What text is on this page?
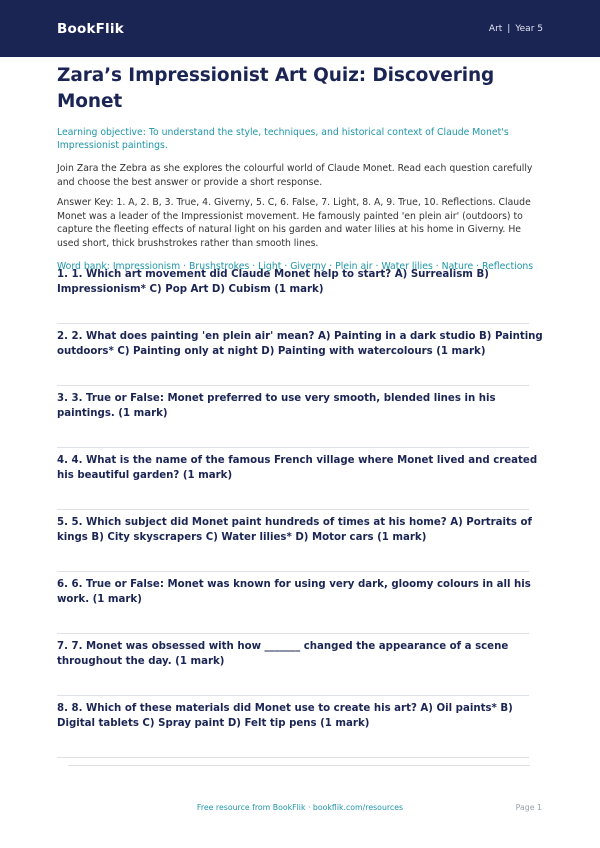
BookFlik	Art | Year 5
Zara’s Impressionist Art Quiz: Discovering Monet
Learning objective: To understand the style, techniques, and historical context of Claude Monet's Impressionist paintings.
Join Zara the Zebra as she explores the colourful world of Claude Monet. Read each question carefully and choose the best answer or provide a short response.
Answer Key: 1. A, 2. B, 3. True, 4. Giverny, 5. C, 6. False, 7. Light, 8. A, 9. True, 10. Reflections. Claude Monet was a leader of the Impressionist movement. He famously painted 'en plein air' (outdoors) to capture the fleeting effects of natural light on his garden and water lilies at his home in Giverny. He used short, thick brushstrokes rather than smooth lines.
Word bank: Impressionism · Brushstrokes · Light · Giverny · Plein air · Water lilies · Nature · Reflections
1. 1. Which art movement did Claude Monet help to start? A) Surrealism B) Impressionism* C) Pop Art D) Cubism (1 mark)
2. 2. What does painting 'en plein air' mean? A) Painting in a dark studio B) Painting outdoors* C) Painting only at night D) Painting with watercolours (1 mark)
3. 3. True or False: Monet preferred to use very smooth, blended lines in his paintings. (1 mark)
4. 4. What is the name of the famous French village where Monet lived and created his beautiful garden? (1 mark)
5. 5. Which subject did Monet paint hundreds of times at his home? A) Portraits of kings B) City skyscrapers C) Water lilies* D) Motor cars (1 mark)
6. 6. True or False: Monet was known for using very dark, gloomy colours in all his work. (1 mark)
7. 7. Monet was obsessed with how _______ changed the appearance of a scene throughout the day. (1 mark)
8. 8. Which of these materials did Monet use to create his art? A) Oil paints* B) Digital tablets C) Spray paint D) Felt tip pens (1 mark)
Free resource from BookFlik · bookflik.com/resources	Page 1
